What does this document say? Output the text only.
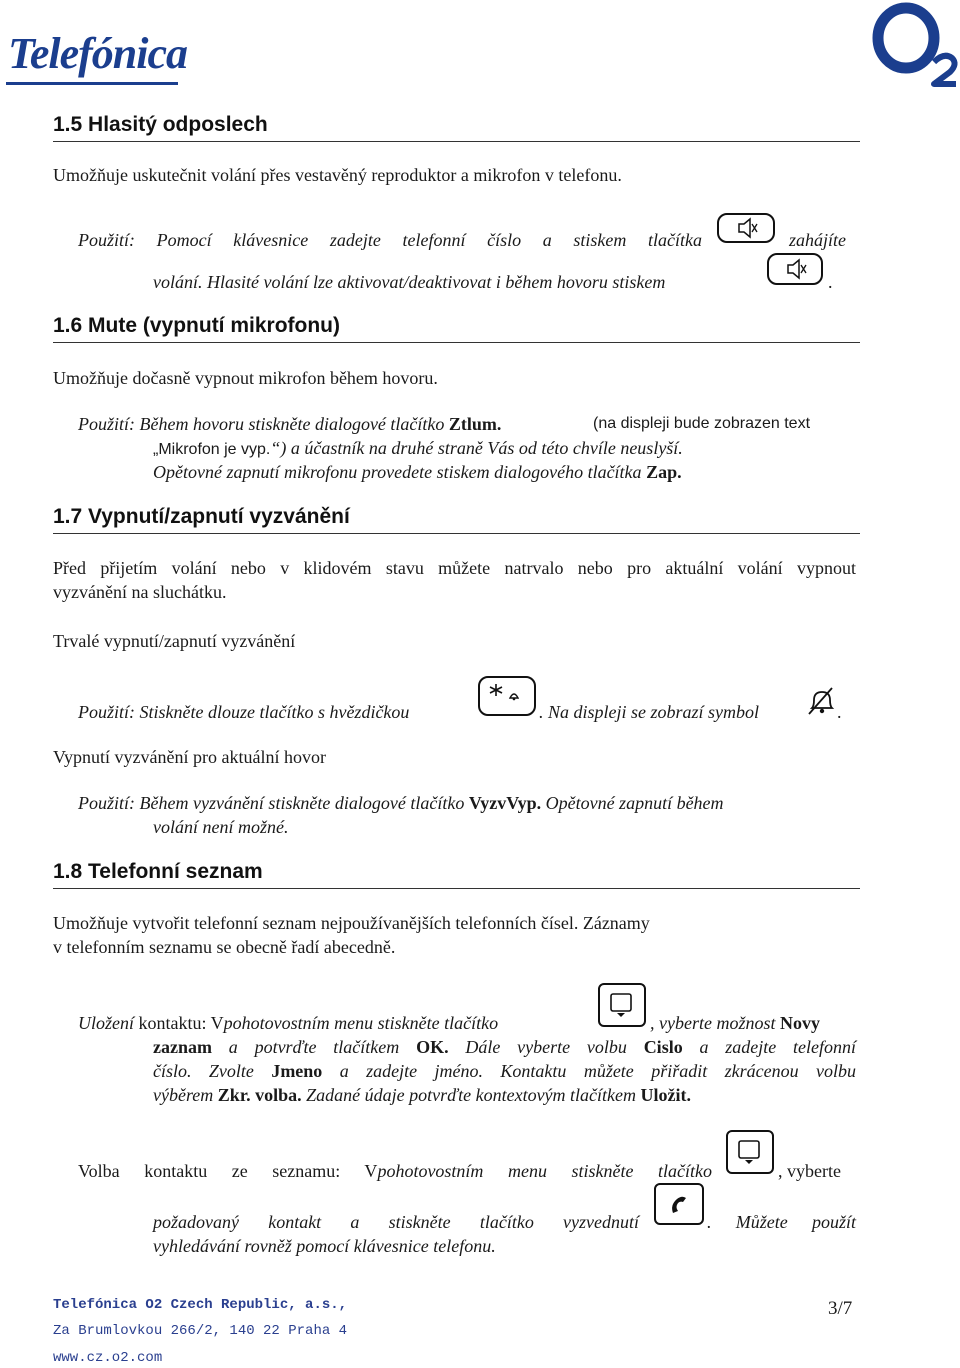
Telefónica
1.5 Hlasitý odposlech
Umožňuje uskutečnit volání přes vestavěný reproduktor a mikrofon v telefonu.
Použití: Pomocí klávesnice zadejte telefonní číslo a stiskem tlačítka	zahájíte
volání. Hlasité volání lze aktivovat/deaktivovat i během hovoru stiskem	.
1.6 Mute (vypnutí mikrofonu)
Umožňuje dočasně vypnout mikrofon během hovoru.
Použití: Během hovoru stiskněte dialogové tlačítko Ztlum.	(na displeji bude zobrazen text
„Mikrofon je vyp.“) a účastník na druhé straně Vás od této chvíle neuslyší.
Opětovné zapnutí mikrofonu provedete stiskem dialogového tlačítka Zap.
1.7 Vypnutí/zapnutí vyzvánění
Před přijetím volání nebo v klidovém stavu můžete natrvalo nebo pro aktuální volání vypnout
vyzvánění na sluchátku.
Trvalé vypnutí/zapnutí vyzvánění
Použití: Stiskněte dlouze tlačítko s hvězdičkou	. Na displeji se zobrazí symbol	.
Vypnutí vyzvánění pro aktuální hovor
Použití: Během vyzvánění stiskněte dialogové tlačítko VyzvVyp. Opětovné zapnutí během
volání není možné.
1.8 Telefonní seznam
Umožňuje vytvořit telefonní seznam nejpoužívanějších telefonních čísel. Záznamy
v telefonním seznamu se obecně řadí abecedně.
Uložení kontaktu: Vpohotovostním menu stiskněte tlačítko	, vyberte možnost Novy
zaznam a potvrďte tlačítkem OK. Dále vyberte volbu Cislo a zadejte telefonní
číslo. Zvolte Jmeno a zadejte jméno. Kontaktu můžete přiřadit zkrácenou volbu
výběrem Zkr. volba. Zadané údaje potvrďte kontextovým tlačítkem Uložit.
Volba kontaktu ze seznamu: Vpohotovostním menu stiskněte tlačítko	, vyberte
požadovaný kontakt a stiskněte tlačítko vyzvednutí	. Můžete použít
vyhledávání rovněž pomocí klávesnice telefonu.
Telefónica O2 Czech Republic, a.s.,
Za Brumlovkou 266/2, 140 22 Praha 4
www.cz.o2.com
3/7
